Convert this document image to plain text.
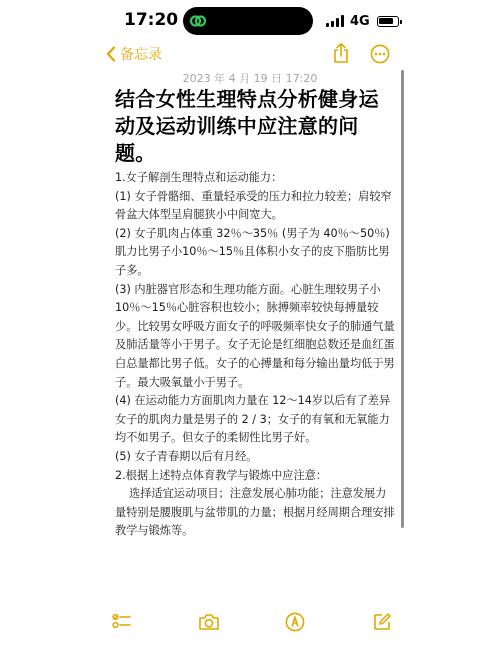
17:20	4G
备忘录
2023 年 4 月 19 日 17:20
结合女性生理特点分析健身运动及运动训练中应注意的问题。

1.女子解剖生理特点和运动能力：

(1) 女子骨骼细、重量轻承受的压力和拉力较差；肩较窄骨盆大体型呈肩腿狭小中间宽大。

(2) 女子肌肉占体重 32％～35％ (男子为 40％～50％) 肌力比男子小10％～15％且体积小女子的皮下脂肪比男子多。

(3) 内脏器官形态和生理功能方面。心脏生理较男子小10％～15％心脏容积也较小；脉搏频率较快每搏量较少。比较男女呼吸方面女子的呼吸频率快女子的肺通气量及肺活量等小于男子。女子无论是红细胞总数还是血红蛋白总量都比男子低。女子的心搏量和每分输出量均低于男子。最大吸氧量小于男子。

(4) 在运动能力方面肌肉力量在 12～14岁以后有了差异女子的肌肉力量是男子的 2 / 3；女子的有氧和无氧能力均不如男子。但女子的柔韧性比男子好。

(5) 女子青春期以后有月经。

2.根据上述特点体育教学与锻炼中应注意：

选择适宜运动项目；注意发展心肺功能；注意发展力量特别是腰腹肌与盆带肌的力量；根据月经周期合理安排教学与锻炼等。
